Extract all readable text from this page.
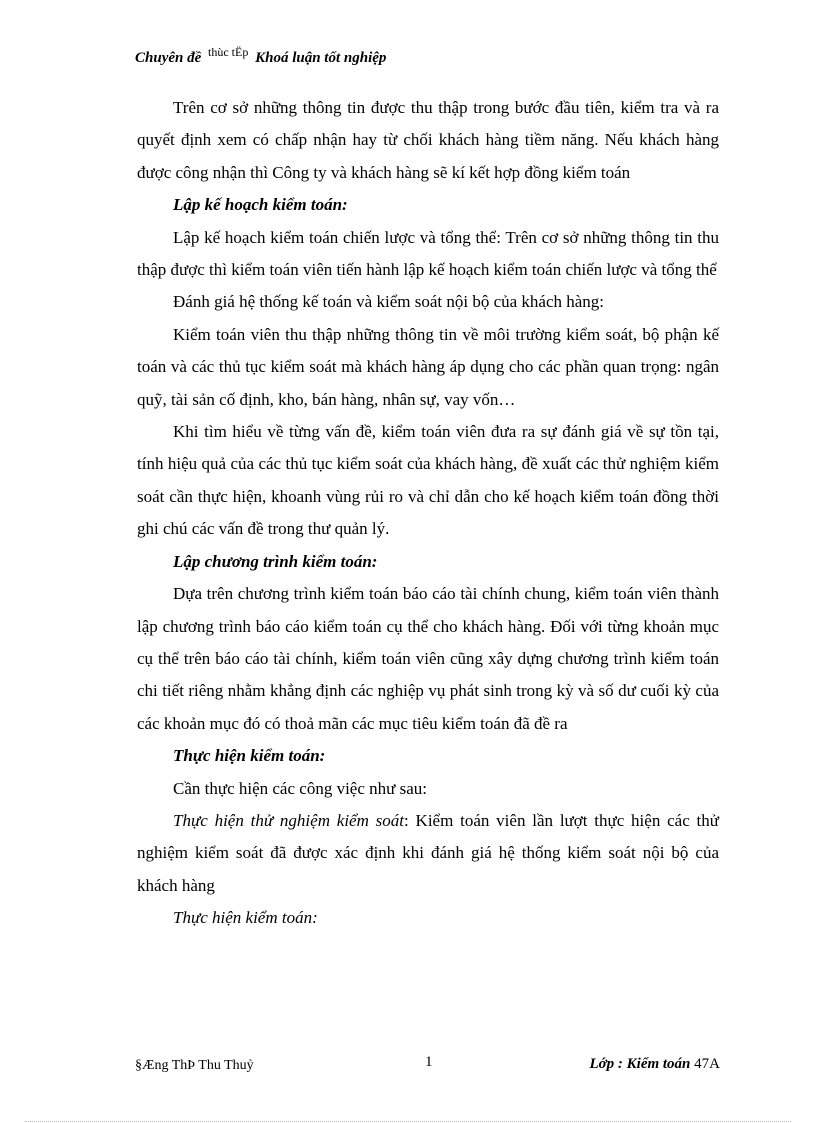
Chuyên đề $^{thùc tËp}$ Khoá luận tốt nghiệp

Trên cơ sở những thông tin được thu thập trong bước đầu tiên, kiểm tra và ra quyết định xem có chấp nhận hay từ chối khách hàng tiềm năng. Nếu khách hàng được công nhận thì Công ty và khách hàng sẽ kí kết hợp đồng kiểm toán

Lập kế hoạch kiểm toán:

Lập kế hoạch kiểm toán chiến lược và tổng thể: Trên cơ sở những thông tin thu thập được thì kiểm toán viên tiến hành lập kế hoạch kiểm toán chiến lược và tổng thể

Đánh giá hệ thống kế toán và kiểm soát nội bộ của khách hàng:

Kiểm toán viên thu thập những thông tin về môi trường kiểm soát, bộ phận kế toán và các thủ tục kiểm soát mà khách hàng áp dụng cho các phần quan trọng: ngân quỹ, tài sản cố định, kho, bán hàng, nhân sự, vay vốn…

Khi tìm hiểu về từng vấn đề, kiểm toán viên đưa ra sự đánh giá về sự tồn tại, tính hiệu quả của các thủ tục kiểm soát của khách hàng, đề xuất các thử nghiệm kiểm soát cần thực hiện, khoanh vùng rủi ro và chỉ dẫn cho kế hoạch kiểm toán đồng thời ghi chú các vấn đề trong thư quản lý.

Lập chương trình kiểm toán:

Dựa trên chương trình kiểm toán báo cáo tài chính chung, kiểm toán viên thành lập chương trình báo cáo kiểm toán cụ thể cho khách hàng. Đối với từng khoản mục cụ thể trên báo cáo tài chính, kiểm toán viên cũng xây dựng chương trình kiểm toán chi tiết riêng nhằm khẳng định các nghiệp vụ phát sinh trong kỳ và số dư cuối kỳ của các khoản mục đó có thoả mãn các mục tiêu kiểm toán đã đề ra

Thực hiện kiểm toán:

Cần thực hiện các công việc như sau:

Thực hiện thử nghiệm kiểm soát: Kiểm toán viên lần lượt thực hiện các thử nghiệm kiểm soát đã được xác định khi đánh giá hệ thống kiểm soát nội bộ của khách hàng

Thực hiện kiểm toán:

§Æng ThÞ Thu Thuỷ	1	Lớp : Kiểm toán 47A
